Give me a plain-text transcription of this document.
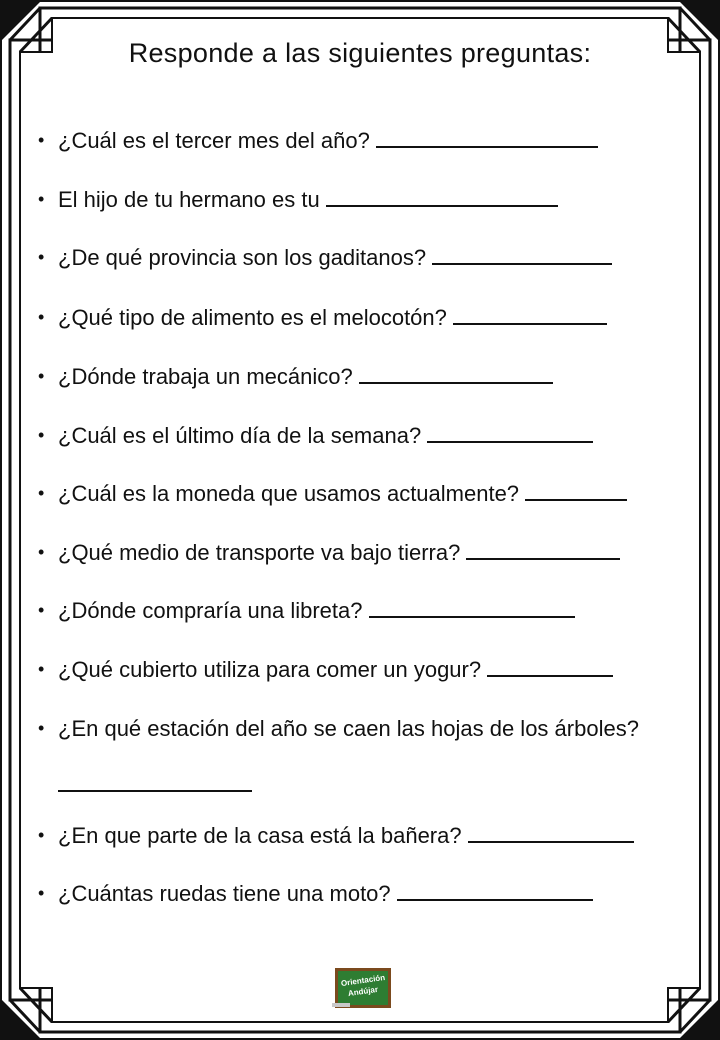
Responde a las siguientes preguntas:
• ¿Cuál es el tercer mes del año?
• El hijo de tu hermano es tu
• ¿De qué provincia son los gaditanos?
• ¿Qué tipo de alimento es el melocotón?
• ¿Dónde trabaja un mecánico?
• ¿Cuál es el último día de la semana?
• ¿Cuál es la moneda que usamos actualmente?
• ¿Qué medio de transporte va bajo tierra?
• ¿Dónde compraría una libreta?
• ¿Qué cubierto utiliza para comer un yogur?
• ¿En qué estación del año se caen las hojas de los árboles?
• ¿En que parte de la casa está la bañera?
• ¿Cuántas ruedas tiene una moto?
Orientación
Andújar
